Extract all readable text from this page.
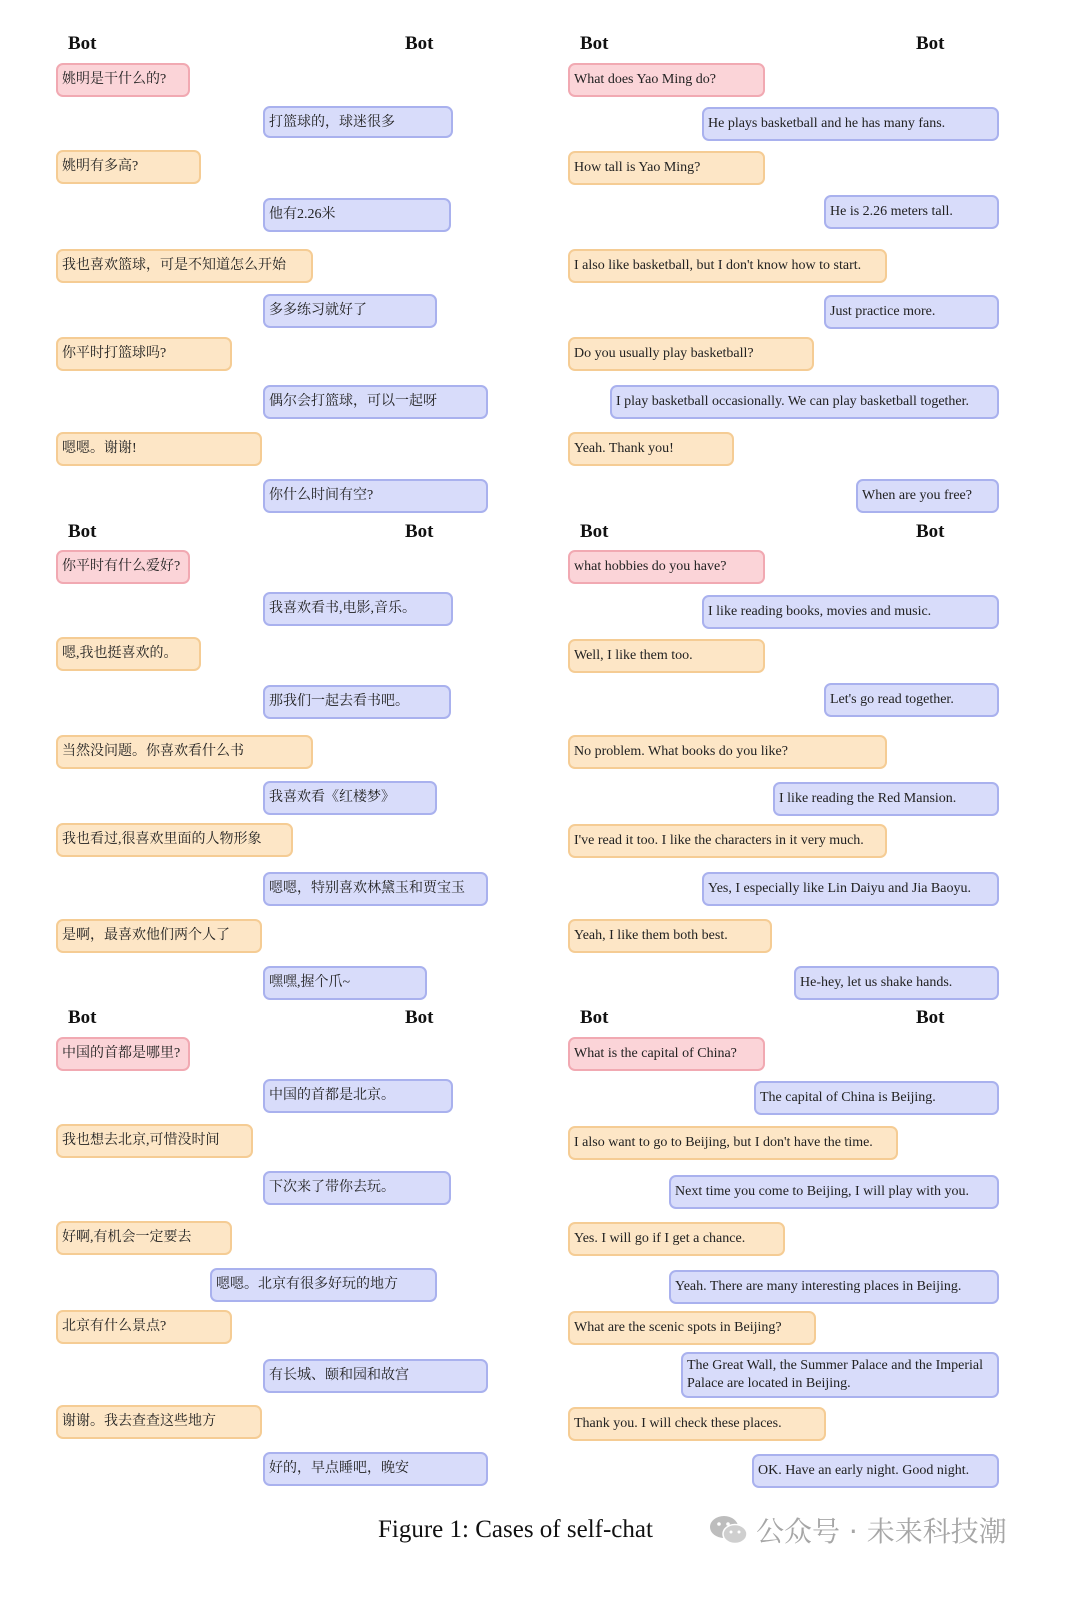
Figure 1: Cases of self-chat	公众号 · 未来科技潮
Bot	Bot
姚明是干什么的?
打篮球的，球迷很多
姚明有多高?
他有2.26米
我也喜欢篮球，可是不知道怎么开始
多多练习就好了
你平时打篮球吗?
偶尔会打篮球，可以一起呀
嗯嗯。谢谢!
你什么时间有空?
Bot	Bot
What does Yao Ming do?
He plays basketball and he has many fans.
How tall is Yao Ming?
He is 2.26 meters tall.
I also like basketball, but I don't know how to start.
Just practice more.
Do you usually play basketball?
I play basketball occasionally. We can play basketball together.
Yeah. Thank you!
When are you free?
Bot	Bot
你平时有什么爱好?
我喜欢看书,电影,音乐。
嗯,我也挺喜欢的。
那我们一起去看书吧。
当然没问题。你喜欢看什么书
我喜欢看《红楼梦》
我也看过,很喜欢里面的人物形象
嗯嗯，特别喜欢林黛玉和贾宝玉
是啊，最喜欢他们两个人了
嘿嘿,握个爪~
Bot	Bot
what hobbies do you have?
I like reading books, movies and music.
Well, I like them too.
Let's go read together.
No problem. What books do you like?
I like reading the Red Mansion.
I've read it too. I like the characters in it very much.
Yes, I especially like Lin Daiyu and Jia Baoyu.
Yeah, I like them both best.
He-hey, let us shake hands.
Bot	Bot
中国的首都是哪里?
中国的首都是北京。
我也想去北京,可惜没时间
下次来了带你去玩。
好啊,有机会一定要去
嗯嗯。北京有很多好玩的地方
北京有什么景点?
有长城、颐和园和故宫
谢谢。我去查查这些地方
好的，早点睡吧，晚安
Bot	Bot
What is the capital of China?
The capital of China is Beijing.
I also want to go to Beijing, but I don't have the time.
Next time you come to Beijing, I will play with you.
Yes. I will go if I get a chance.
Yeah. There are many interesting places in Beijing.
What are the scenic spots in Beijing?
The Great Wall, the Summer Palace and the Imperial Palace are located in Beijing.
Thank you. I will check these places.
OK. Have an early night. Good night.
